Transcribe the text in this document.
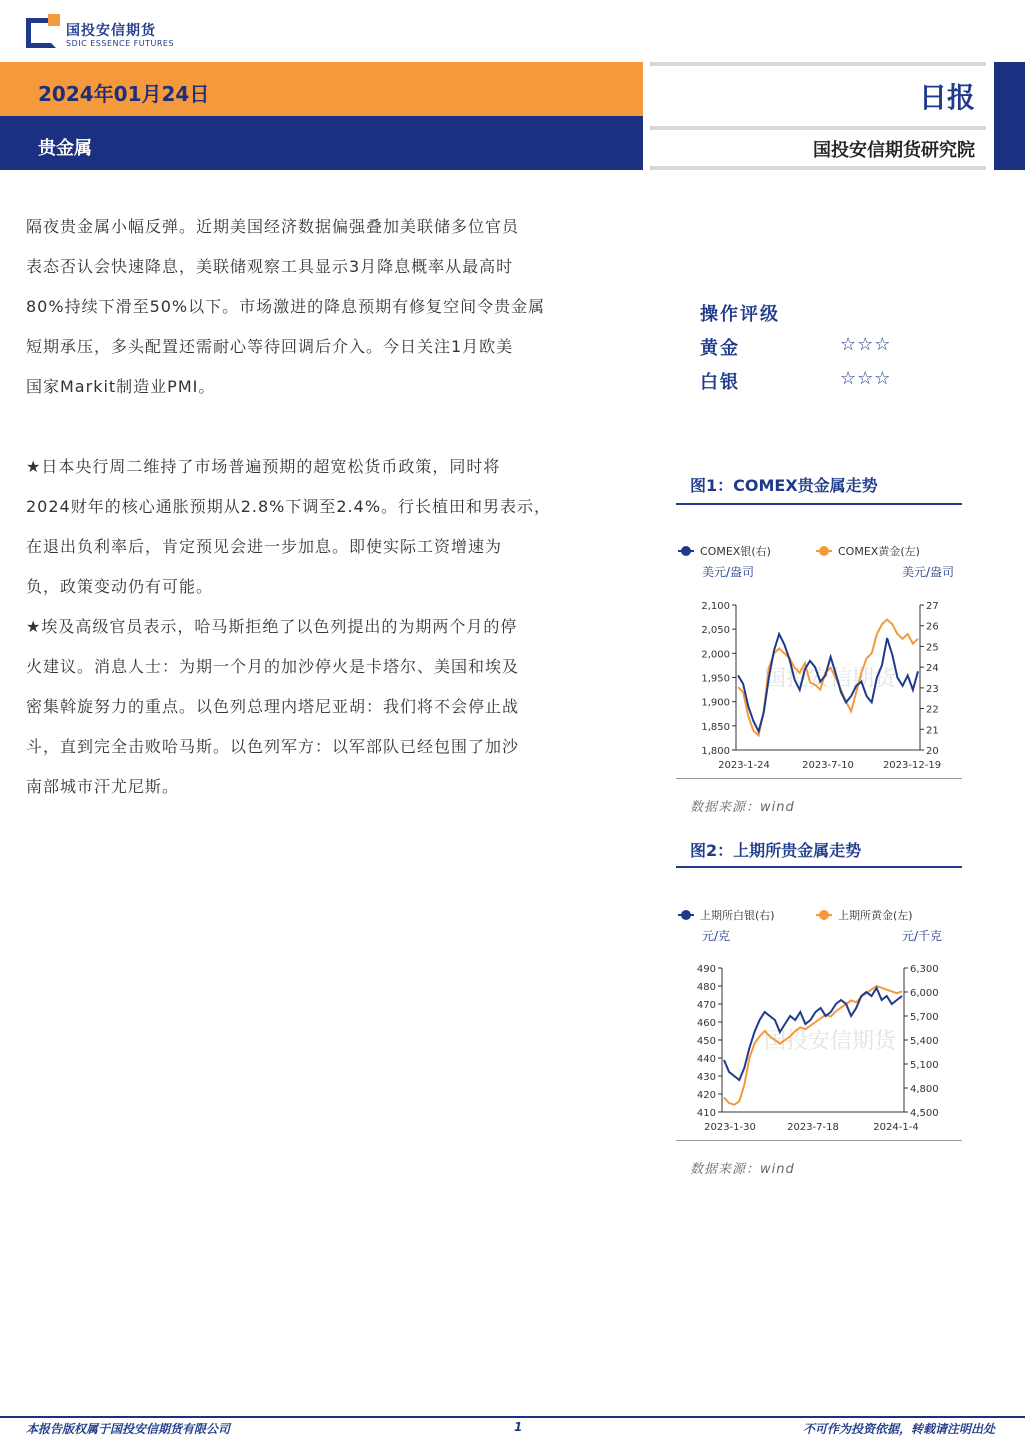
国投安信期货
SDIC ESSENCE FUTURES
2024年01月24日
贵金属
日报
国投安信期货研究院
隔夜贵金属小幅反弹。近期美国经济数据偏强叠加美联储多位官员
表态否认会快速降息，美联储观察工具显示3月降息概率从最高时
80%持续下滑至50%以下。市场激进的降息预期有修复空间令贵金属
短期承压，多头配置还需耐心等待回调后介入。今日关注1月欧美
国家Markit制造业PMI。
★日本央行周二维持了市场普遍预期的超宽松货币政策，同时将
2024财年的核心通胀预期从2.8%下调至2.4%。行长植田和男表示，
在退出负利率后，肯定预见会进一步加息。即使实际工资增速为
负，政策变动仍有可能。
★埃及高级官员表示，哈马斯拒绝了以色列提出的为期两个月的停
火建议。消息人士：为期一个月的加沙停火是卡塔尔、美国和埃及
密集斡旋努力的重点。以色列总理内塔尼亚胡：我们将不会停止战
斗，直到完全击败哈马斯。以色列军方：以军部队已经包围了加沙
南部城市汗尤尼斯。
操作评级
黄金	☆☆☆
白银	☆☆☆
图1：COMEX贵金属走势
COMEX银(右)	COMEX黄金(左)
美元/盎司	美元/盎司
国投安信期货
2,100
2,050
2,000
1,950
1,900
1,850
1,800
27
26
25
24
23
22
21
20
2023-1-24	2023-7-10	2023-12-19
数据来源：wind
图2：上期所贵金属走势
上期所白银(右)	上期所黄金(左)
元/克	元/千克
国投安信期货
490
480
470
460
450
440
430
420
410
6,300
6,000
5,700
5,400
5,100
4,800
4,500
2023-1-30	2023-7-18	2024-1-4
数据来源：wind
本报告版权属于国投安信期货有限公司	1	不可作为投资依据，转载请注明出处
